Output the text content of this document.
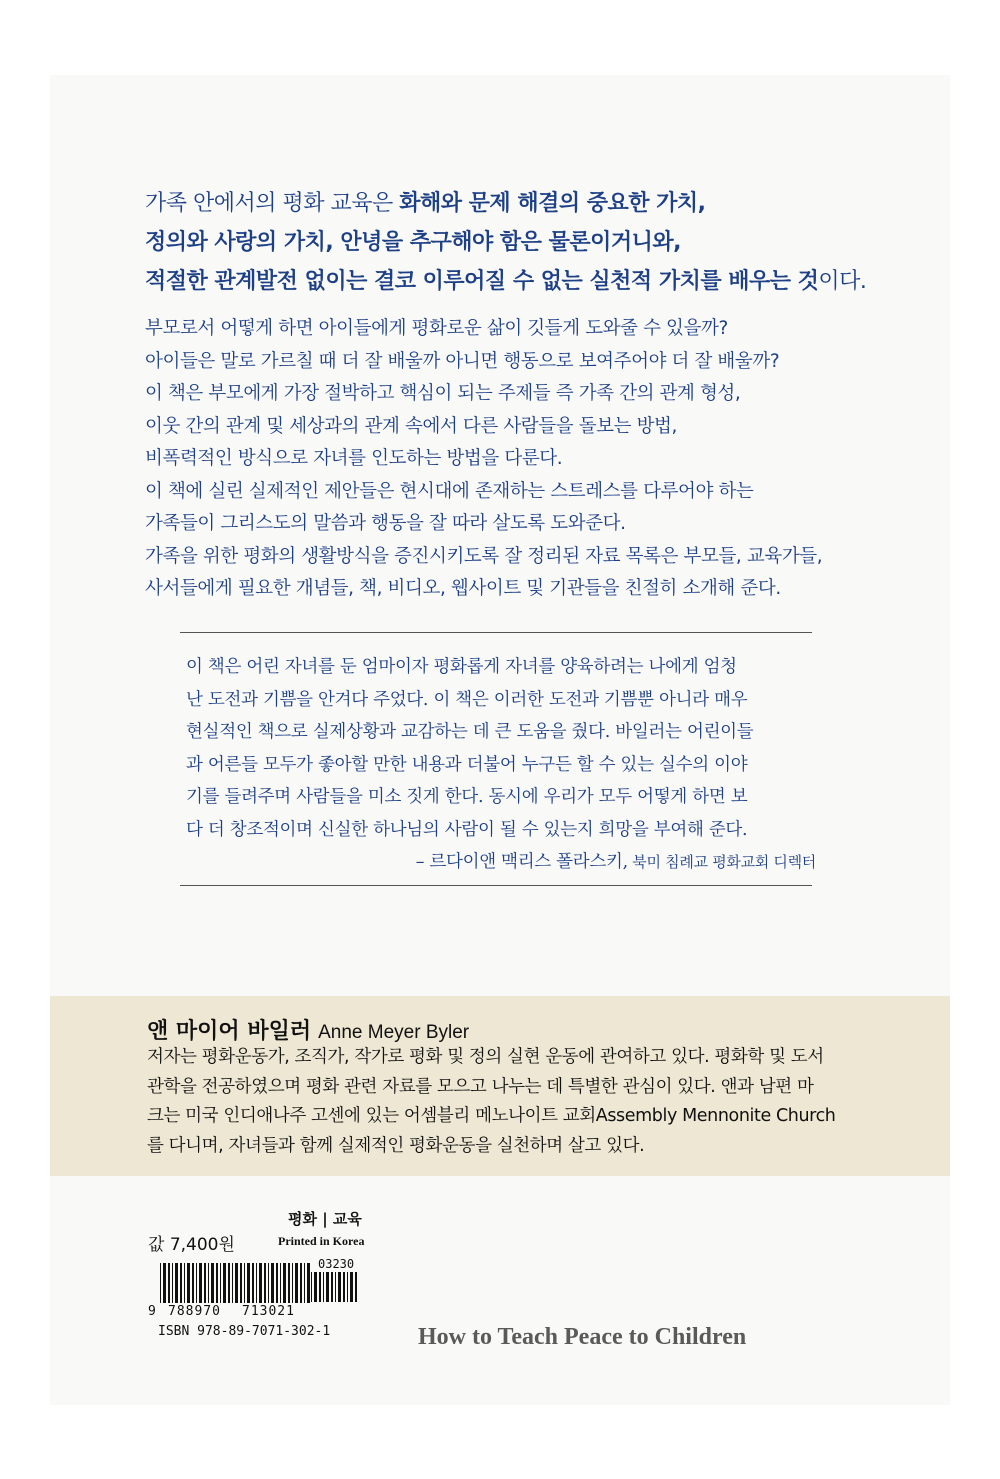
가족 안에서의 평화 교육은 화해와 문제 해결의 중요한 가치,

정의와 사랑의 가치, 안녕을 추구해야 함은 물론이거니와,

적절한 관계발전 없이는 결코 이루어질 수 없는 실천적 가치를 배우는 것이다.

부모로서 어떻게 하면 아이들에게 평화로운 삶이 깃들게 도와줄 수 있을까?

아이들은 말로 가르칠 때 더 잘 배울까 아니면 행동으로 보여주어야 더 잘 배울까?

이 책은 부모에게 가장 절박하고 핵심이 되는 주제들 즉 가족 간의 관계 형성,

이웃 간의 관계 및 세상과의 관계 속에서 다른 사람들을 돌보는 방법,

비폭력적인 방식으로 자녀를 인도하는 방법을 다룬다.

이 책에 실린 실제적인 제안들은 현시대에 존재하는 스트레스를 다루어야 하는

가족들이 그리스도의 말씀과 행동을 잘 따라 살도록 도와준다.

가족을 위한 평화의 생활방식을 증진시키도록 잘 정리된 자료 목록은 부모들, 교육가들,

사서들에게 필요한 개념들, 책, 비디오, 웹사이트 및 기관들을 친절히 소개해 준다.

이 책은 어린 자녀를 둔 엄마이자 평화롭게 자녀를 양육하려는 나에게 엄청

난 도전과 기쁨을 안겨다 주었다. 이 책은 이러한 도전과 기쁨뿐 아니라 매우

현실적인 책으로 실제상황과 교감하는 데 큰 도움을 줬다. 바일러는 어린이들

과 어른들 모두가 좋아할 만한 내용과 더불어 누구든 할 수 있는 실수의 이야

기를 들려주며 사람들을 미소 짓게 한다. 동시에 우리가 모두 어떻게 하면 보

다 더 창조적이며 신실한 하나님의 사람이 될 수 있는지 희망을 부여해 준다.

– 르다이앤 맥리스 폴라스키, 북미 침례교 평화교회 디렉터

앤 마이어 바일러 Anne Meyer Byler

저자는 평화운동가, 조직가, 작가로 평화 및 정의 실현 운동에 관여하고 있다. 평화학 및 도서

관학을 전공하였으며 평화 관련 자료를 모으고 나누는 데 특별한 관심이 있다. 앤과 남편 마

크는 미국 인디애나주 고센에 있는 어셈블리 메노나이트 교회Assembly Mennonite Church

를 다니며, 자녀들과 함께 실제적인 평화운동을 실천하며 살고 있다.

평화 | 교육
값 7,400원	Printed in Korea
03230
9 788970 713021
ISBN 978-89-7071-302-1	How to Teach Peace to Children
